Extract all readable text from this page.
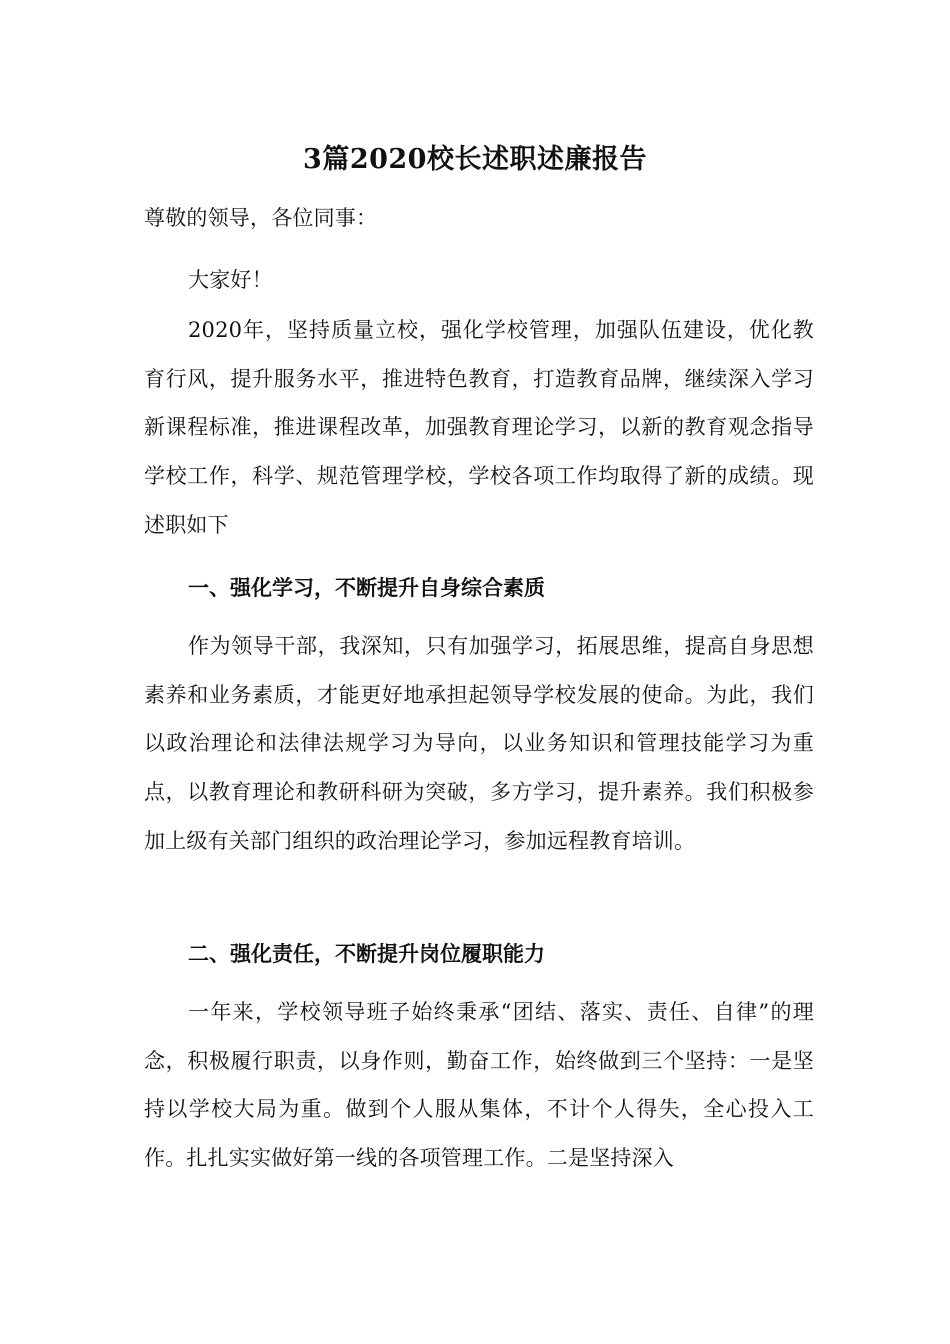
3篇2020校长述职述廉报告

尊敬的领导，各位同事：

大家好！

2020年，坚持质量立校，强化学校管理，加强队伍建设，优化教育行风，提升服务水平，推进特色教育，打造教育品牌，继续深入学习新课程标准，推进课程改革，加强教育理论学习，以新的教育观念指导学校工作，科学、规范管理学校，学校各项工作均取得了新的成绩。现述职如下

一、强化学习，不断提升自身综合素质

作为领导干部，我深知，只有加强学习，拓展思维，提高自身思想素养和业务素质，才能更好地承担起领导学校发展的使命。为此，我们以政治理论和法律法规学习为导向，以业务知识和管理技能学习为重点，以教育理论和教研科研为突破，多方学习，提升素养。我们积极参加上级有关部门组织的政治理论学习，参加远程教育培训。

二、强化责任，不断提升岗位履职能力

一年来，学校领导班子始终秉承“团结、落实、责任、自律”的理念，积极履行职责，以身作则，勤奋工作，始终做到三个坚持：一是坚持以学校大局为重。做到个人服从集体，不计个人得失，全心投入工作。扎扎实实做好第一线的各项管理工作。二是坚持深入
